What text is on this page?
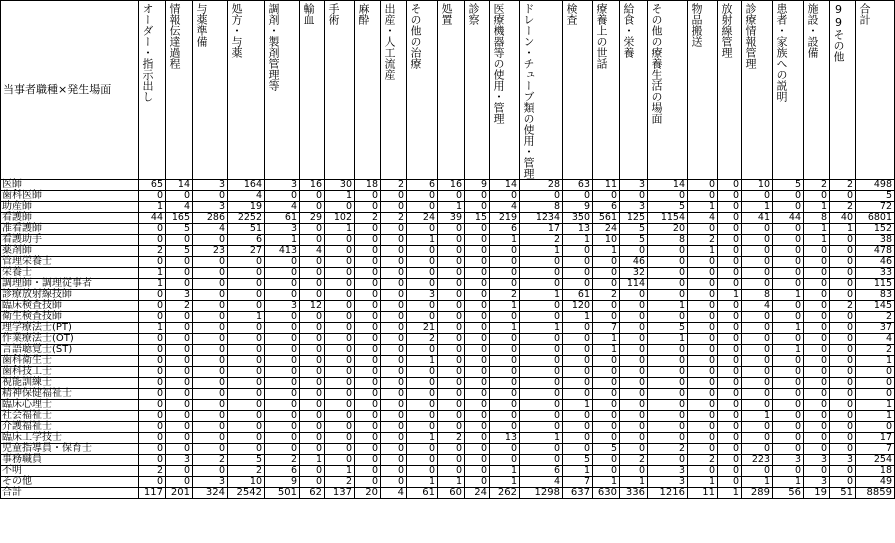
当事者職種×発生場面	オーダー・指示出し	情報伝達過程	与薬準備	処方・与薬	調剤・製剤管理等	輸血	手術	麻酔	出産・人工流産	その他の治療	処置	診察	医療機器等の使用・管理	ドレーン・チューブ類の使用・管理	検査	療養上の世話	給食・栄養	その他の療養生活の場面	物品搬送	放射線管理	診療情報管理	患者・家族への説明	施設・設備	99その他	合計

医師	65	14	3	164	3	16	30	18	2	6	16	9	14	28	63	11	3	14	0	0	10	5	2	2	498
歯科医師	0	0	0	4	0	0	1	0	0	0	0	0	0	0	0	0	0	0	0	0	0	0	0	0	5
助産師	1	4	3	19	4	0	0	0	0	0	1	0	4	8	9	6	3	5	1	0	1	0	1	2	72
看護師	44	165	286	2252	61	29	102	2	2	24	39	15	219	1234	350	561	125	1154	4	0	41	44	8	40	6801
准看護師	0	5	4	51	3	0	1	0	0	0	0	0	6	17	13	24	5	20	0	0	0	0	1	1	152
看護助手	0	0	0	6	1	0	0	0	0	1	0	0	1	2	1	10	5	8	2	0	0	0	1	0	38
薬剤師	2	5	23	27	413	4	0	0	0	0	0	0	0	1	0	1	0	0	1	0	0	0	0	0	478
管理栄養士	0	0	0	0	0	0	0	0	0	0	0	0	0	0	0	0	46	0	0	0	0	0	0	0	46
栄養士	1	0	0	0	0	0	0	0	0	0	0	0	0	0	0	0	32	0	0	0	0	0	0	0	33
調理師・調理従事者	1	0	0	0	0	0	0	0	0	0	0	0	0	0	0	0	114	0	0	0	0	0	0	0	115
診療放射線技師	0	3	0	0	0	0	0	0	0	3	0	0	2	1	61	2	0	0	0	1	8	1	0	0	83
臨床検査技師	0	2	0	0	3	12	0	0	0	0	0	0	1	0	120	0	0	1	0	0	4	0	0	2	145
衛生検査技師	0	0	0	1	0	0	0	0	0	0	0	0	0	0	1	0	0	0	0	0	0	0	0	0	2
理学療法士(PT)	1	0	0	0	0	0	0	0	0	21	0	0	1	1	0	7	0	5	0	0	0	1	0	0	37
作業療法士(OT)	0	0	0	0	0	0	0	0	0	2	0	0	0	0	0	1	0	1	0	0	0	0	0	0	4
言語聴覚士(ST)	0	0	0	0	0	0	0	0	0	0	0	0	0	0	0	1	0	0	0	0	0	1	0	0	2
歯科衛生士	0	0	0	0	0	0	0	0	0	1	0	0	0	0	0	0	0	0	0	0	0	0	0	0	1
歯科技工士	0	0	0	0	0	0	0	0	0	0	0	0	0	0	0	0	0	0	0	0	0	0	0	0	0
視能訓練士	0	0	0	0	0	0	0	0	0	0	0	0	0	0	0	0	0	0	0	0	0	0	0	0	0
精神保健福祉士	0	0	0	0	0	0	0	0	0	0	0	0	0	0	0	0	0	0	0	0	0	0	0	0	0
臨床心理士	0	0	0	0	0	0	0	0	0	0	0	0	0	0	1	0	0	0	0	0	0	0	0	0	1
社会福祉士	0	0	0	0	0	0	0	0	0	0	0	0	0	0	0	0	0	0	0	0	1	0	0	0	1
介護福祉士	0	0	0	0	0	0	0	0	0	0	0	0	0	0	0	0	0	0	0	0	0	0	0	0	0
臨床工学技士	0	0	0	0	0	0	0	0	0	1	2	0	13	1	0	0	0	0	0	0	0	0	0	0	17
児童指導員・保育士	0	0	0	0	0	0	0	0	0	0	0	0	0	0	0	5	0	2	0	0	0	0	0	0	7
事務職員	0	3	2	5	2	1	0	0	0	0	0	0	0	0	5	0	2	0	2	0	223	3	3	3	254
不明	2	0	0	2	6	0	1	0	0	0	0	0	1	6	1	0	0	3	0	0	0	0	0	0	18
その他	0	0	3	10	9	0	2	0	0	1	1	0	1	4	7	1	1	3	1	0	1	1	3	0	49
合計	117	201	324	2542	501	62	137	20	4	61	60	24	262	1298	637	630	336	1216	11	1	289	56	19	51	8859
